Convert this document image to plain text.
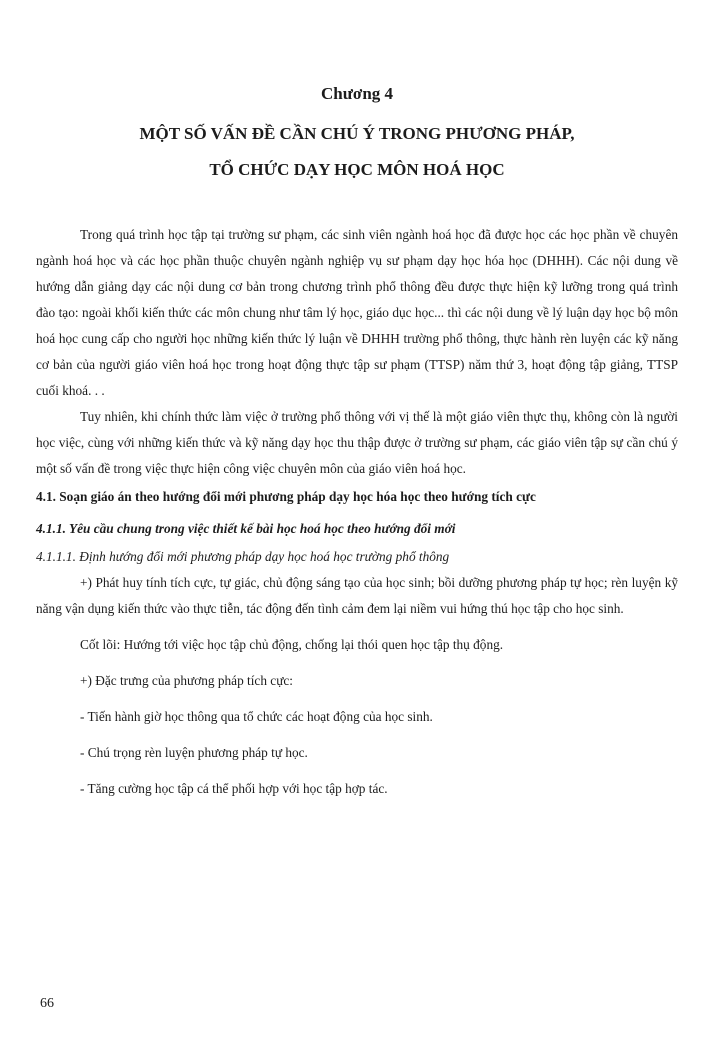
Chương 4
MỘT SỐ VẤN ĐỀ CẦN CHÚ Ý TRONG PHƯƠNG PHÁP,
TỔ CHỨC DẠY HỌC MÔN HOÁ HỌC

Trong quá trình học tập tại trường sư phạm, các sinh viên ngành hoá học đã được học các học phần về chuyên ngành hoá học và các học phần thuộc chuyên ngành nghiệp vụ sư phạm dạy học hóa học (DHHH). Các nội dung về hướng dẫn giảng dạy các nội dung cơ bản trong chương trình phổ thông đều được thực hiện kỹ lưỡng trong quá trình đào tạo: ngoài khối kiến thức các môn chung như tâm lý học, giáo dục học... thì các nội dung về lý luận dạy học bộ môn hoá học cung cấp cho người học những kiến thức lý luận về DHHH trường phổ thông, thực hành rèn luyện các kỹ năng cơ bản của người giáo viên hoá học trong hoạt động thực tập sư phạm (TTSP) năm thứ 3, hoạt động tập giảng, TTSP cuối khoá. . .

Tuy nhiên, khi chính thức làm việc ở trường phổ thông với vị thế là một giáo viên thực thụ, không còn là người học việc, cùng với những kiến thức và kỹ năng dạy học thu thập được ở trường sư phạm, các giáo viên tập sự cần chú ý một số vấn đề trong việc thực hiện công việc chuyên môn của giáo viên hoá học.

4.1. Soạn giáo án theo hướng đổi mới phương pháp dạy học hóa học theo hướng tích cực

4.1.1. Yêu cầu chung trong việc thiết kế bài học hoá học theo hướng đổi mới

4.1.1.1. Định hướng đổi mới phương pháp dạy học hoá học trường phổ thông

+) Phát huy tính tích cực, tự giác, chủ động sáng tạo của học sinh; bồi dưỡng phương pháp tự học; rèn luyện kỹ năng vận dụng kiến thức vào thực tiễn, tác động đến tình cảm đem lại niềm vui hứng thú học tập cho học sinh.

Cốt lõi: Hướng tới việc học tập chủ động, chống lại thói quen học tập thụ động.

+) Đặc trưng của phương pháp tích cực:

- Tiến hành giờ học thông qua tổ chức các hoạt động của học sinh.

- Chú trọng rèn luyện phương pháp tự học.

- Tăng cường học tập cá thể phối hợp với học tập hợp tác.

66
